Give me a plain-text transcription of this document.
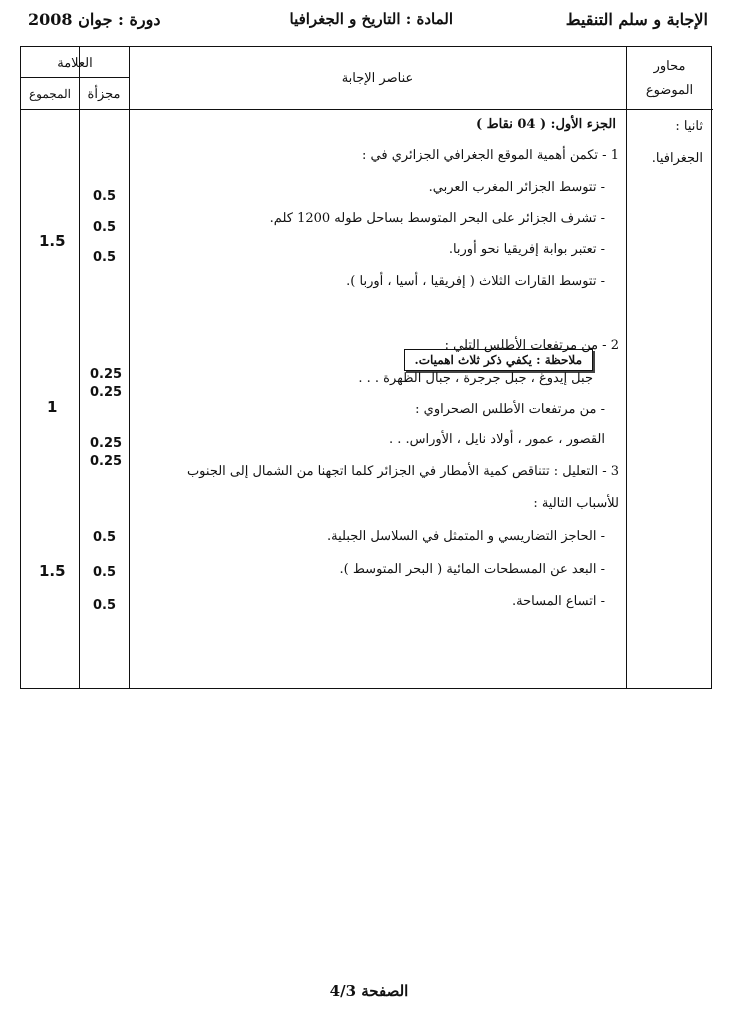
الإجابة و سلم التنقيط
المادة : التاريخ و الجغرافيا
دورة : جوان 2008
العلامة
مجزأة
المجموع
عناصر الإجابة
محاور الموضوع
ثانيا :
الجغرافيا.
الجزء الأول: ( 04 نقاط )
1 - تكمن أهمية الموقع الجغرافي الجزائري في :
- تتوسط الجزائر المغرب العربي.
- تشرف الجزائر على البحر المتوسط بساحل طوله 1200 كلم.
- تعتبر بوابة إفريقيا نحو أوربا.
- تتوسط القارات الثلاث ( إفريقيا ، أسيا ، أوربا ).
ملاحظة : يكفي ذكر ثلاث اهميات.
2 - من مرتفعات الأطلس التلي :
جبل إيدوغ ، جبل جرجرة ، جبال الظهرة . . .
- من مرتفعات الأطلس الصحراوي :
القصور ، عمور ، أولاد نايل ، الأوراس. . .
3 - التعليل : تتناقص كمية الأمطار في الجزائر كلما اتجهنا من الشمال إلى الجنوب
للأسباب التالية :
- الحاجز التضاريسي و المتمثل في السلاسل الجبلية.
- البعد عن المسطحات المائية ( البحر المتوسط ).
- اتساع المساحة.
0.5
0.5
0.5
0.25
0.25
0.25
0.25
0.5
0.5
0.5
1.5
1
1.5
الصفحة 4/3
